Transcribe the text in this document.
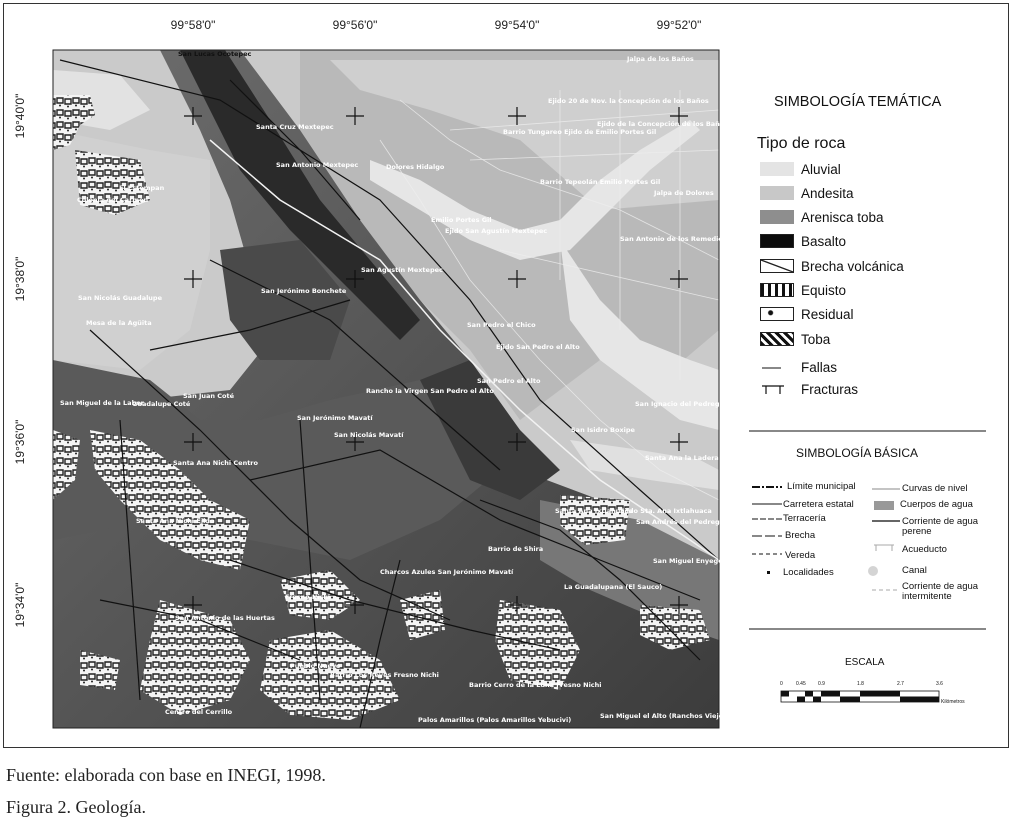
San Lucas Ocotepec
Jalpa de los Baños
Ejido 20 de Nov. la Concepción de los Baños
Ejido de la Concepción de los Baños
Barrio Tungareo Ejido de Emilio Portes Gil
Santa Cruz Mextepec
San Antonio Mextepec	Dolores Hidalgo
Barrio Tepeolán Emilio Portes Gil
Jalpa de Dolores
El Estempan
Colonia del Carmen
Emilio Portes Gil
Ejido San Agustín Mextepec
San Antonio de los Remedios
San Agustín Mextepec
San Jerónimo Bonchete
San Nicolás Guadalupe
Mesa de la Agüita	San Pedro el Chico
Ejido San Pedro el Alto
San Pedro el Alto
Rancho la Virgen San Pedro el Alto
San Miguel de la Labor
Guadalupe Coté
San Juan Coté
San Jerónimo Mavatí
San Ignacio del Pedregal
San Nicolás Mavatí
San Isidro Boxipe
Santa Ana Nichi Centro
Santa Ana la Ladera
Santa Ana Ixtlahuaca
Ejido Sta. Ana Ixtlahuaca
San Andrés del Pedregal
Santa Ana Nichi Ejido
Barrio de Shira
San Miguel Enyege
Charcos Azules San Jerónimo Mavatí
La Guadalupana (El Sauco)
Fresno Nichi
San Antonio de las Huertas
Barrio Cerro de la Luna Fresno Nichi
Barrio Los Reyes Fresno Nichi
Centro del Cerrillo
Pueblo Nuevo
Palos Amarillos (Palos Amarillos Yebucivi)	San Miguel el Alto (Ranchos Viejos)
99°58'0"	99°56'0"	99°54'0"	99°52'0"
19°40'0"
19°38'0"
19°36'0"
19°34'0"
SIMBOLOGÍA TEMÁTICA
Tipo de roca
Aluvial
Andesita
Arenisca toba
Basalto
Brecha volcánica
Equisto
Residual
Toba
Fallas
Fracturas
SIMBOLOGÍA BÁSICA
Límite municipal
Carretera estatal
Terracería
Brecha
Vereda
Localidades
Curvas de nivel
Cuerpos de agua
Corriente de agua perene
Acueducto
Canal
Corriente de agua intermitente
ESCALA
0	0.45 0.9	1.8	2.7	3.6
Kilómetros
Fuente: elaborada con base en INEGI, 1998.
Figura 2. Geología.
